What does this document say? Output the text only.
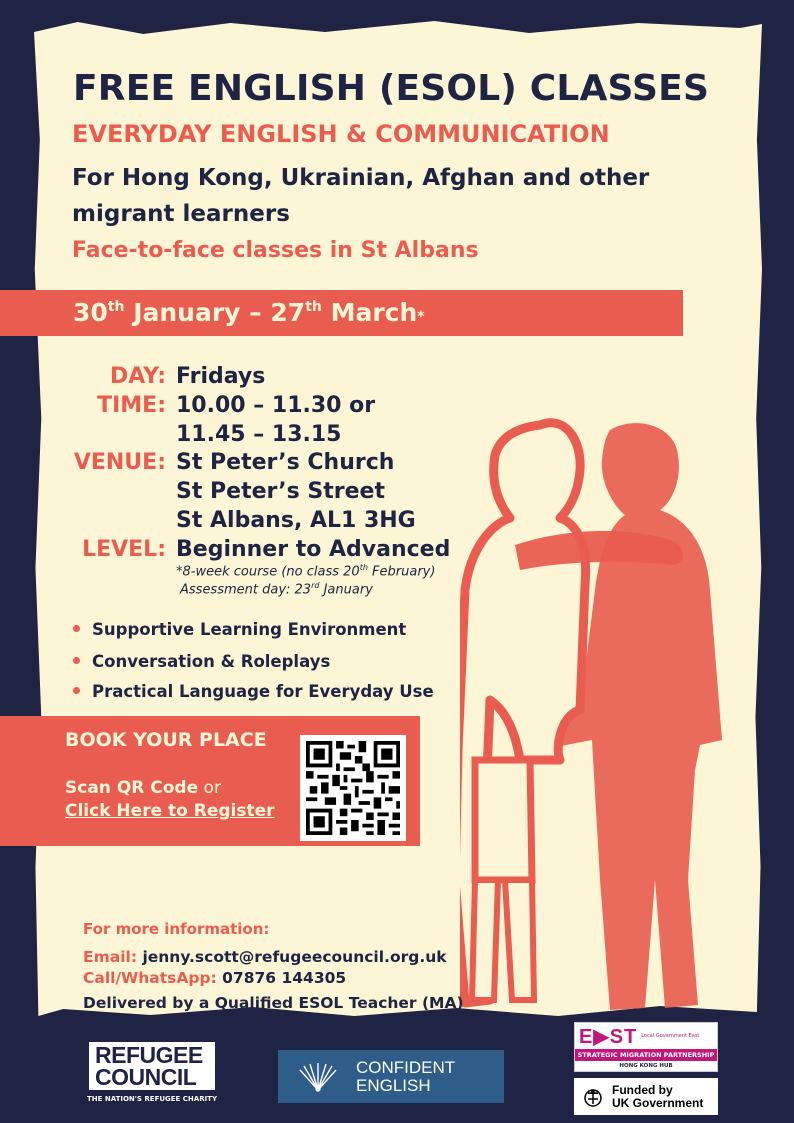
FREE ENGLISH (ESOL) CLASSES
EVERYDAY ENGLISH & COMMUNICATION
For Hong Kong, Ukrainian, Afghan and other migrant learners
Face-to-face classes in St Albans
30th January – 27th March*
DAY: Fridays
TIME: 10.00 – 11.30 or
11.45 – 13.15
VENUE: St Peter’s Church
St Peter’s Street
St Albans, AL1 3HG
LEVEL: Beginner to Advanced
*8-week course (no class 20th February)
Assessment day: 23rd January
Supportive Learning Environment
Conversation & Roleplays
Practical Language for Everyday Use
BOOK YOUR PLACE
Scan QR Code or
Click Here to Register
For more information:
Email: jenny.scott@refugeecouncil.org.uk
Call/WhatsApp: 07876 144305
Delivered by a Qualified ESOL Teacher (MA)
REFUGEE
COUNCIL
THE NATION'S REFUGEE CHARITY
CONFIDENT
ENGLISH
E▶ST Local Government East
STRATEGIC MIGRATION PARTNERSHIP
HONG KONG HUB
Funded by
UK Government
